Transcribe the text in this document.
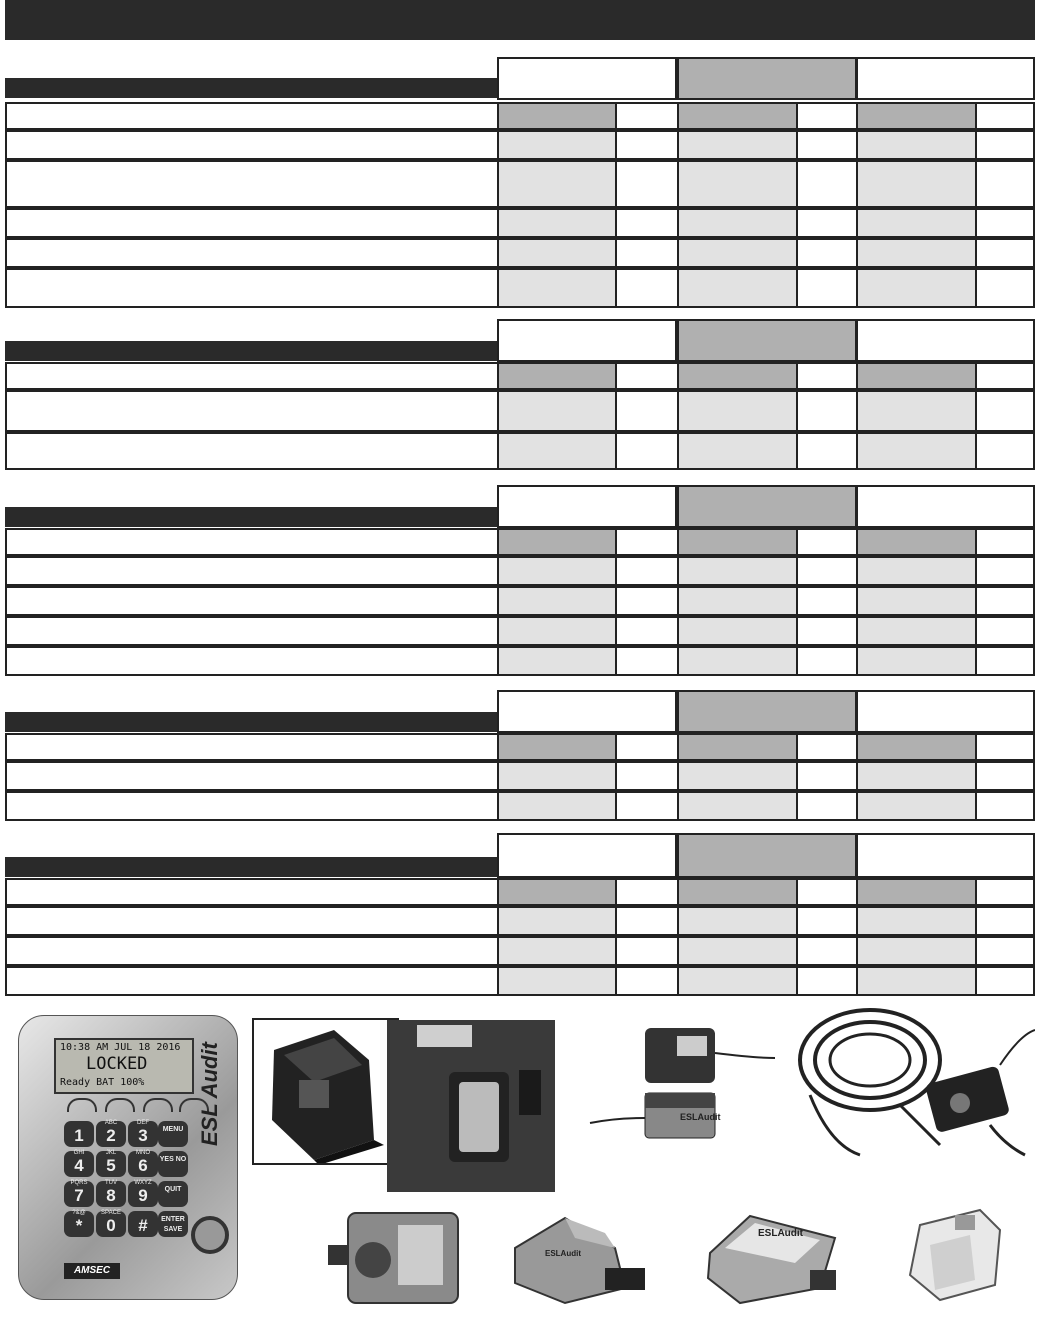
10:38 AM JUL 18 2016
LOCKED
Ready BAT 100% ESL Audit
AMSEC
1	2
ABC
3
DEF
MENU
4
GHI
5
JKL
6
MNO
YES NO
7
PQRS
8
TUV
9
WXYZ
QUIT
*
?&@
0
SPACE
#	ENTER SAVE
ESLAudit
ESLAudit
ESLAudit
